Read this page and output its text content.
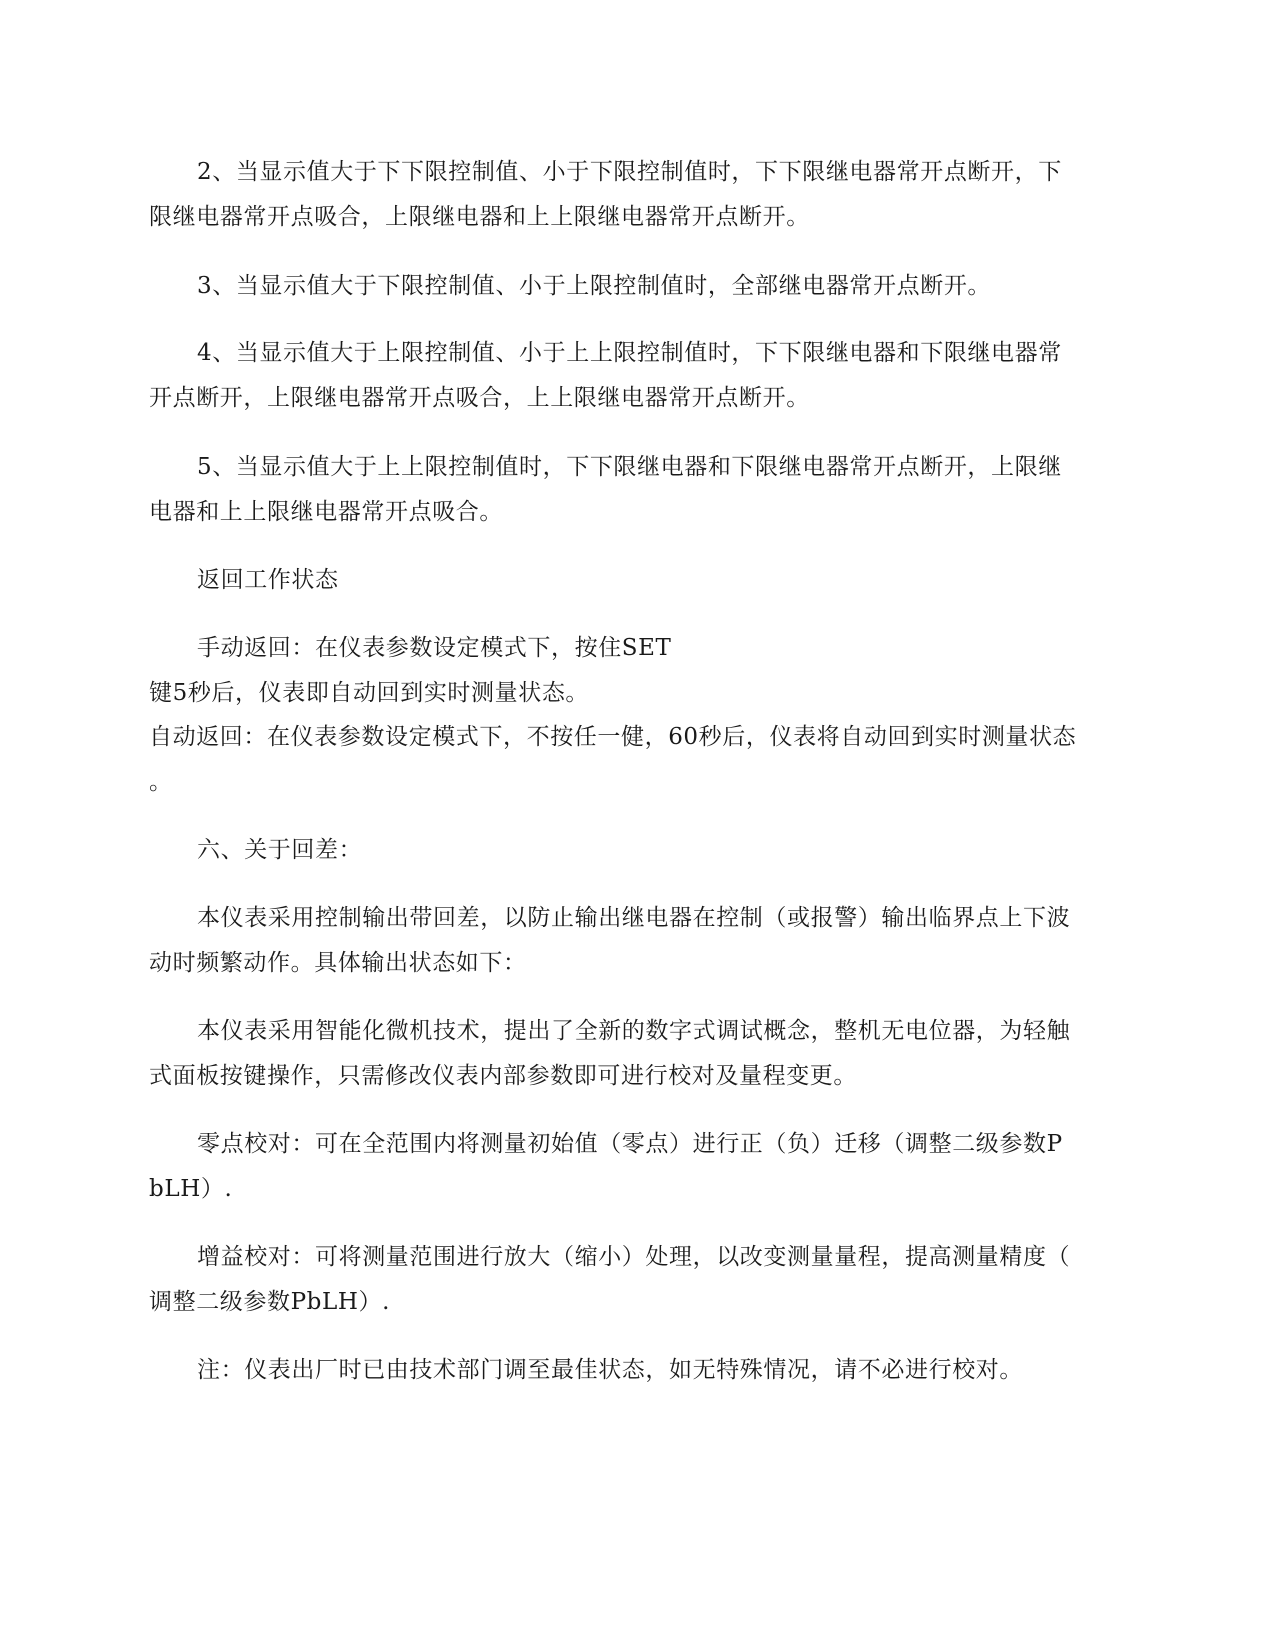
2、当显示值大于下下限控制值、小于下限控制值时，下下限继电器常开点断开，下
限继电器常开点吸合，上限继电器和上上限继电器常开点断开。
3、当显示值大于下限控制值、小于上限控制值时，全部继电器常开点断开。
4、当显示值大于上限控制值、小于上上限控制值时，下下限继电器和下限继电器常
开点断开，上限继电器常开点吸合，上上限继电器常开点断开。
5、当显示值大于上上限控制值时，下下限继电器和下限继电器常开点断开，上限继
电器和上上限继电器常开点吸合。
返回工作状态
手动返回：在仪表参数设定模式下，按住SET
键5秒后，仪表即自动回到实时测量状态。
自动返回：在仪表参数设定模式下，不按任一健，60秒后，仪表将自动回到实时测量状态
。
六、关于回差：
本仪表采用控制输出带回差，以防止输出继电器在控制（或报警）输出临界点上下波
动时频繁动作。具体输出状态如下：
本仪表采用智能化微机技术，提出了全新的数字式调试概念，整机无电位器，为轻触
式面板按键操作，只需修改仪表内部参数即可进行校对及量程变更。
零点校对：可在全范围内将测量初始值（零点）进行正（负）迁移（调整二级参数P
bLH）.
增益校对：可将测量范围进行放大（缩小）处理，以改变测量量程，提高测量精度（
调整二级参数PbLH）.
注：仪表出厂时已由技术部门调至最佳状态，如无特殊情况，请不必进行校对。
